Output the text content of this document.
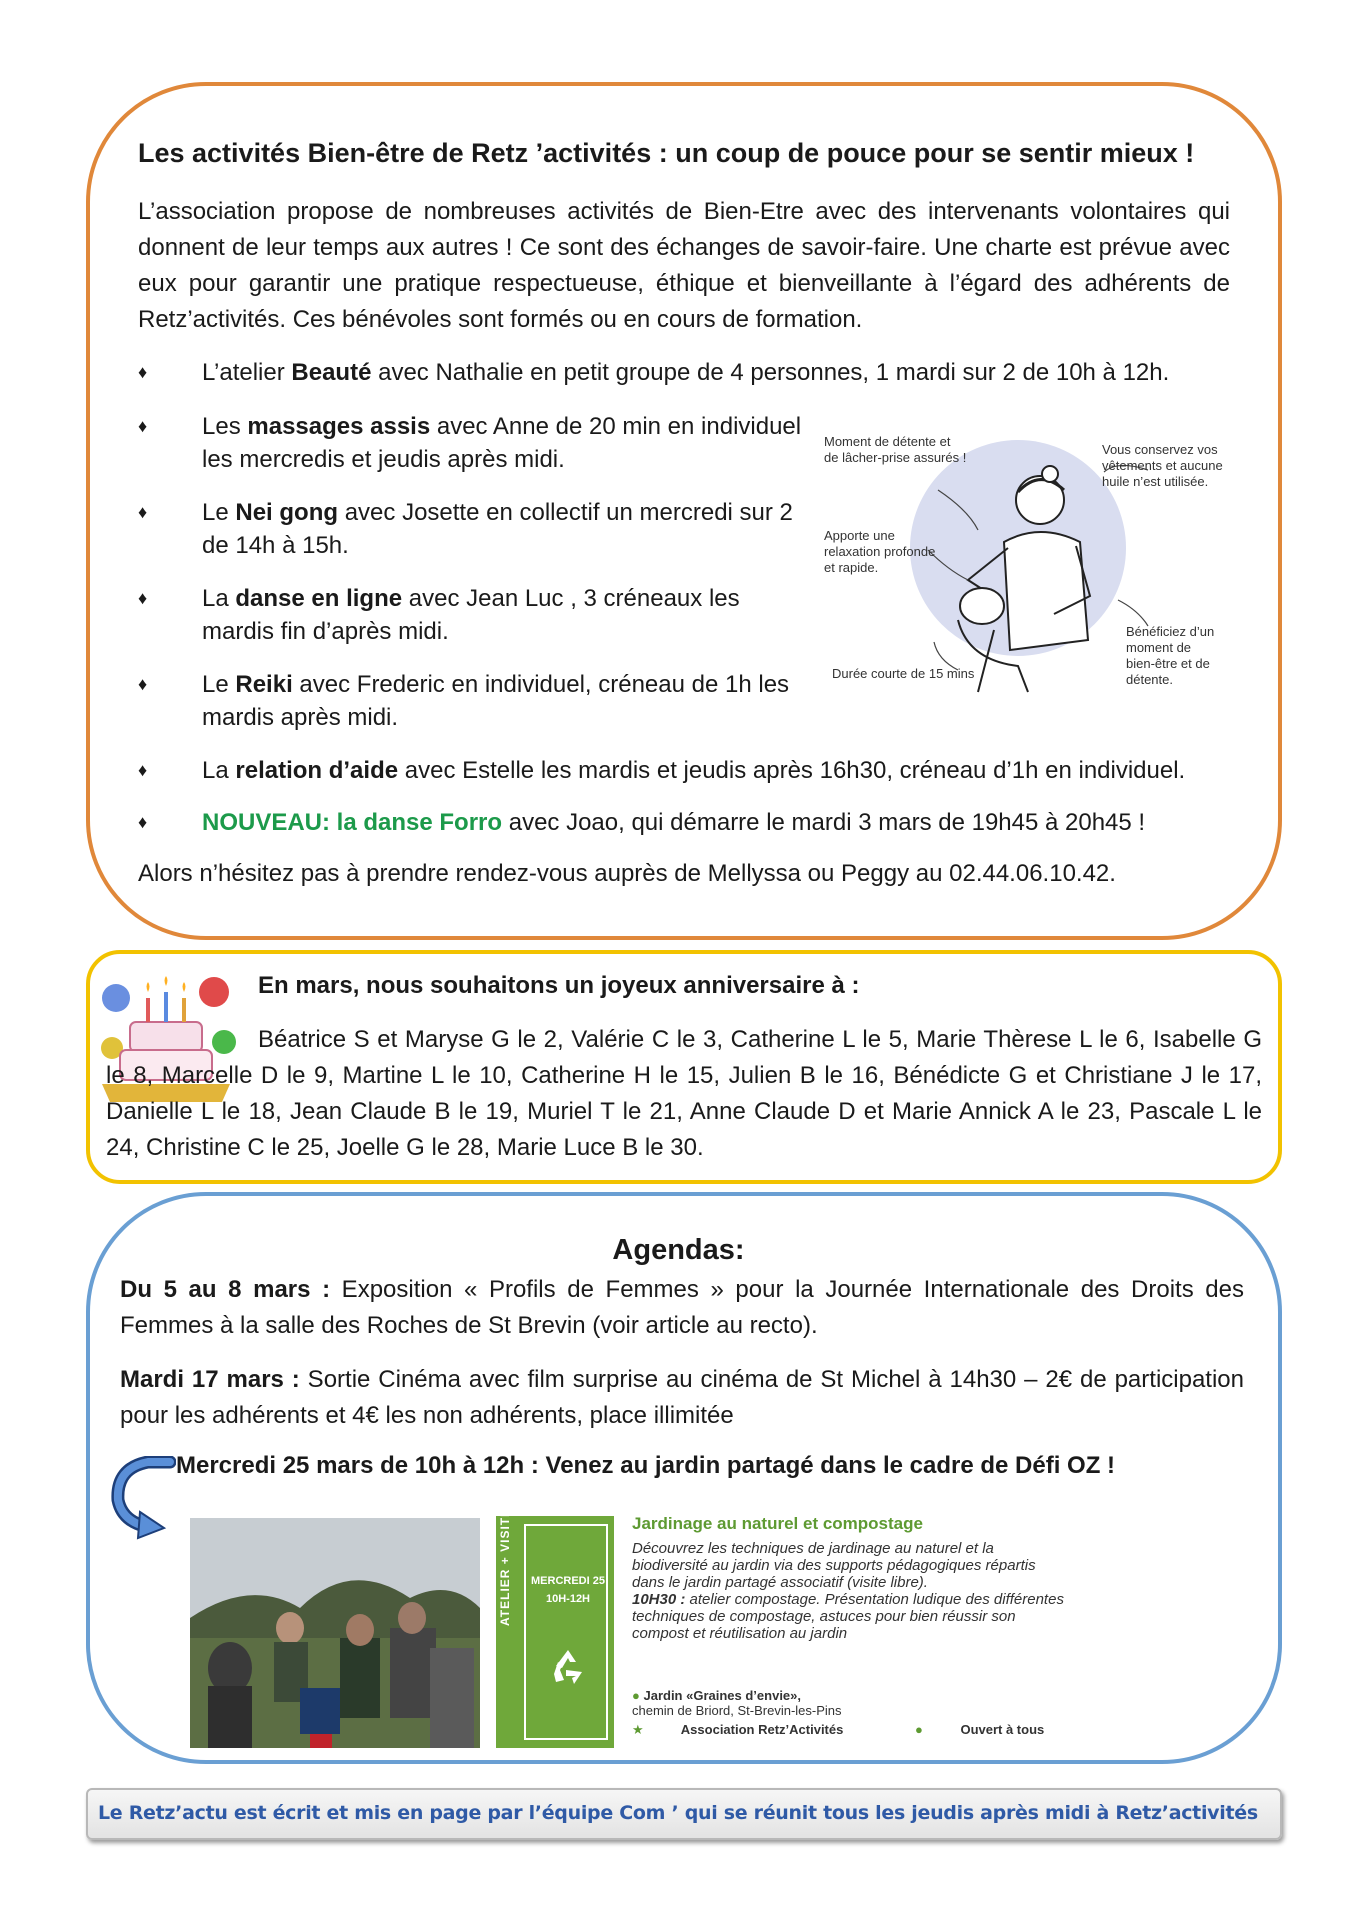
Les activités Bien-être de Retz ’activités : un coup de pouce pour se sentir mieux !
L’association propose de nombreuses activités de Bien-Etre avec des intervenants volontaires qui donnent de leur temps aux autres ! Ce sont des échanges de savoir-faire. Une charte est prévue avec eux pour garantir une pratique respectueuse, éthique et bienveillante à l’égard des adhérents de Retz’activités. Ces bénévoles sont formés ou en cours de formation.
♦ L’atelier Beauté avec Nathalie en petit groupe de 4 personnes, 1 mardi sur 2 de 10h à 12h.
♦ Les massages assis avec Anne de 20 min en individuel les mercredis et jeudis après midi.
♦ Le Nei gong avec Josette en collectif un mercredi sur 2 de 14h à 15h.
♦ La danse en ligne avec Jean Luc , 3 créneaux les mardis fin d’après midi.
♦ Le Reiki avec Frederic en individuel, créneau de 1h les mardis après midi.
♦ La relation d’aide avec Estelle les mardis et jeudis après 16h30, créneau d’1h en individuel.
♦ NOUVEAU: la danse Forro avec Joao, qui démarre le mardi 3 mars de 19h45 à 20h45 !
Alors n’hésitez pas à prendre rendez-vous auprès de Mellyssa ou Peggy au 02.44.06.10.42.
Moment de détente et
de lâcher-prise assurés !
Vous conservez vos
vêtements et aucune
huile n’est utilisée.
Apporte une
relaxation profonde
et rapide.
Durée courte de 15 mins
Bénéficiez d’un
moment de
bien-être et de
détente.
En mars, nous souhaitons un joyeux anniversaire à :
Béatrice S et Maryse G le 2, Valérie C le 3, Catherine L le 5, Marie Thèrese L le 6, Isabelle G le 8, Marcelle D le 9, Martine L le 10, Catherine H le 15, Julien B le 16, Bénédicte G et Christiane J le 17, Danielle L le 18, Jean Claude B le 19, Muriel T le 21, Anne Claude D et Marie Annick A le 23, Pascale L le 24, Christine C le 25, Joelle G le 28, Marie Luce B le 30.
Agendas:
Du 5 au 8 mars : Exposition « Profils de Femmes » pour la Journée Internationale des Droits des Femmes à la salle des Roches de St Brevin (voir article au recto).
Mardi 17 mars : Sortie Cinéma avec film surprise au cinéma de St Michel à 14h30 – 2€ de participation pour les adhérents et 4€ les non adhérents, place illimitée
Mercredi 25 mars de 10h à 12h : Venez au jardin partagé dans le cadre de Défi OZ !
ATELIER + VISITE	MERCREDI 25
10H-12H
Jardinage au naturel et compostage
Découvrez les techniques de jardinage au naturel et la biodiversité au jardin via des supports pédagogiques répartis dans le jardin partagé associatif (visite libre).
10H30 : atelier compostage. Présentation ludique des différentes techniques de compostage, astuces pour bien réussir son compost et réutilisation au jardin
● Jardin «Graines d’envie»,
chemin de Briord, St-Brevin-les-Pins
★	Association Retz’Activités	●	Ouvert à tous
Le Retz’actu est écrit et mis en page par l’équipe Com ’ qui se réunit tous les jeudis après midi à Retz’activités
